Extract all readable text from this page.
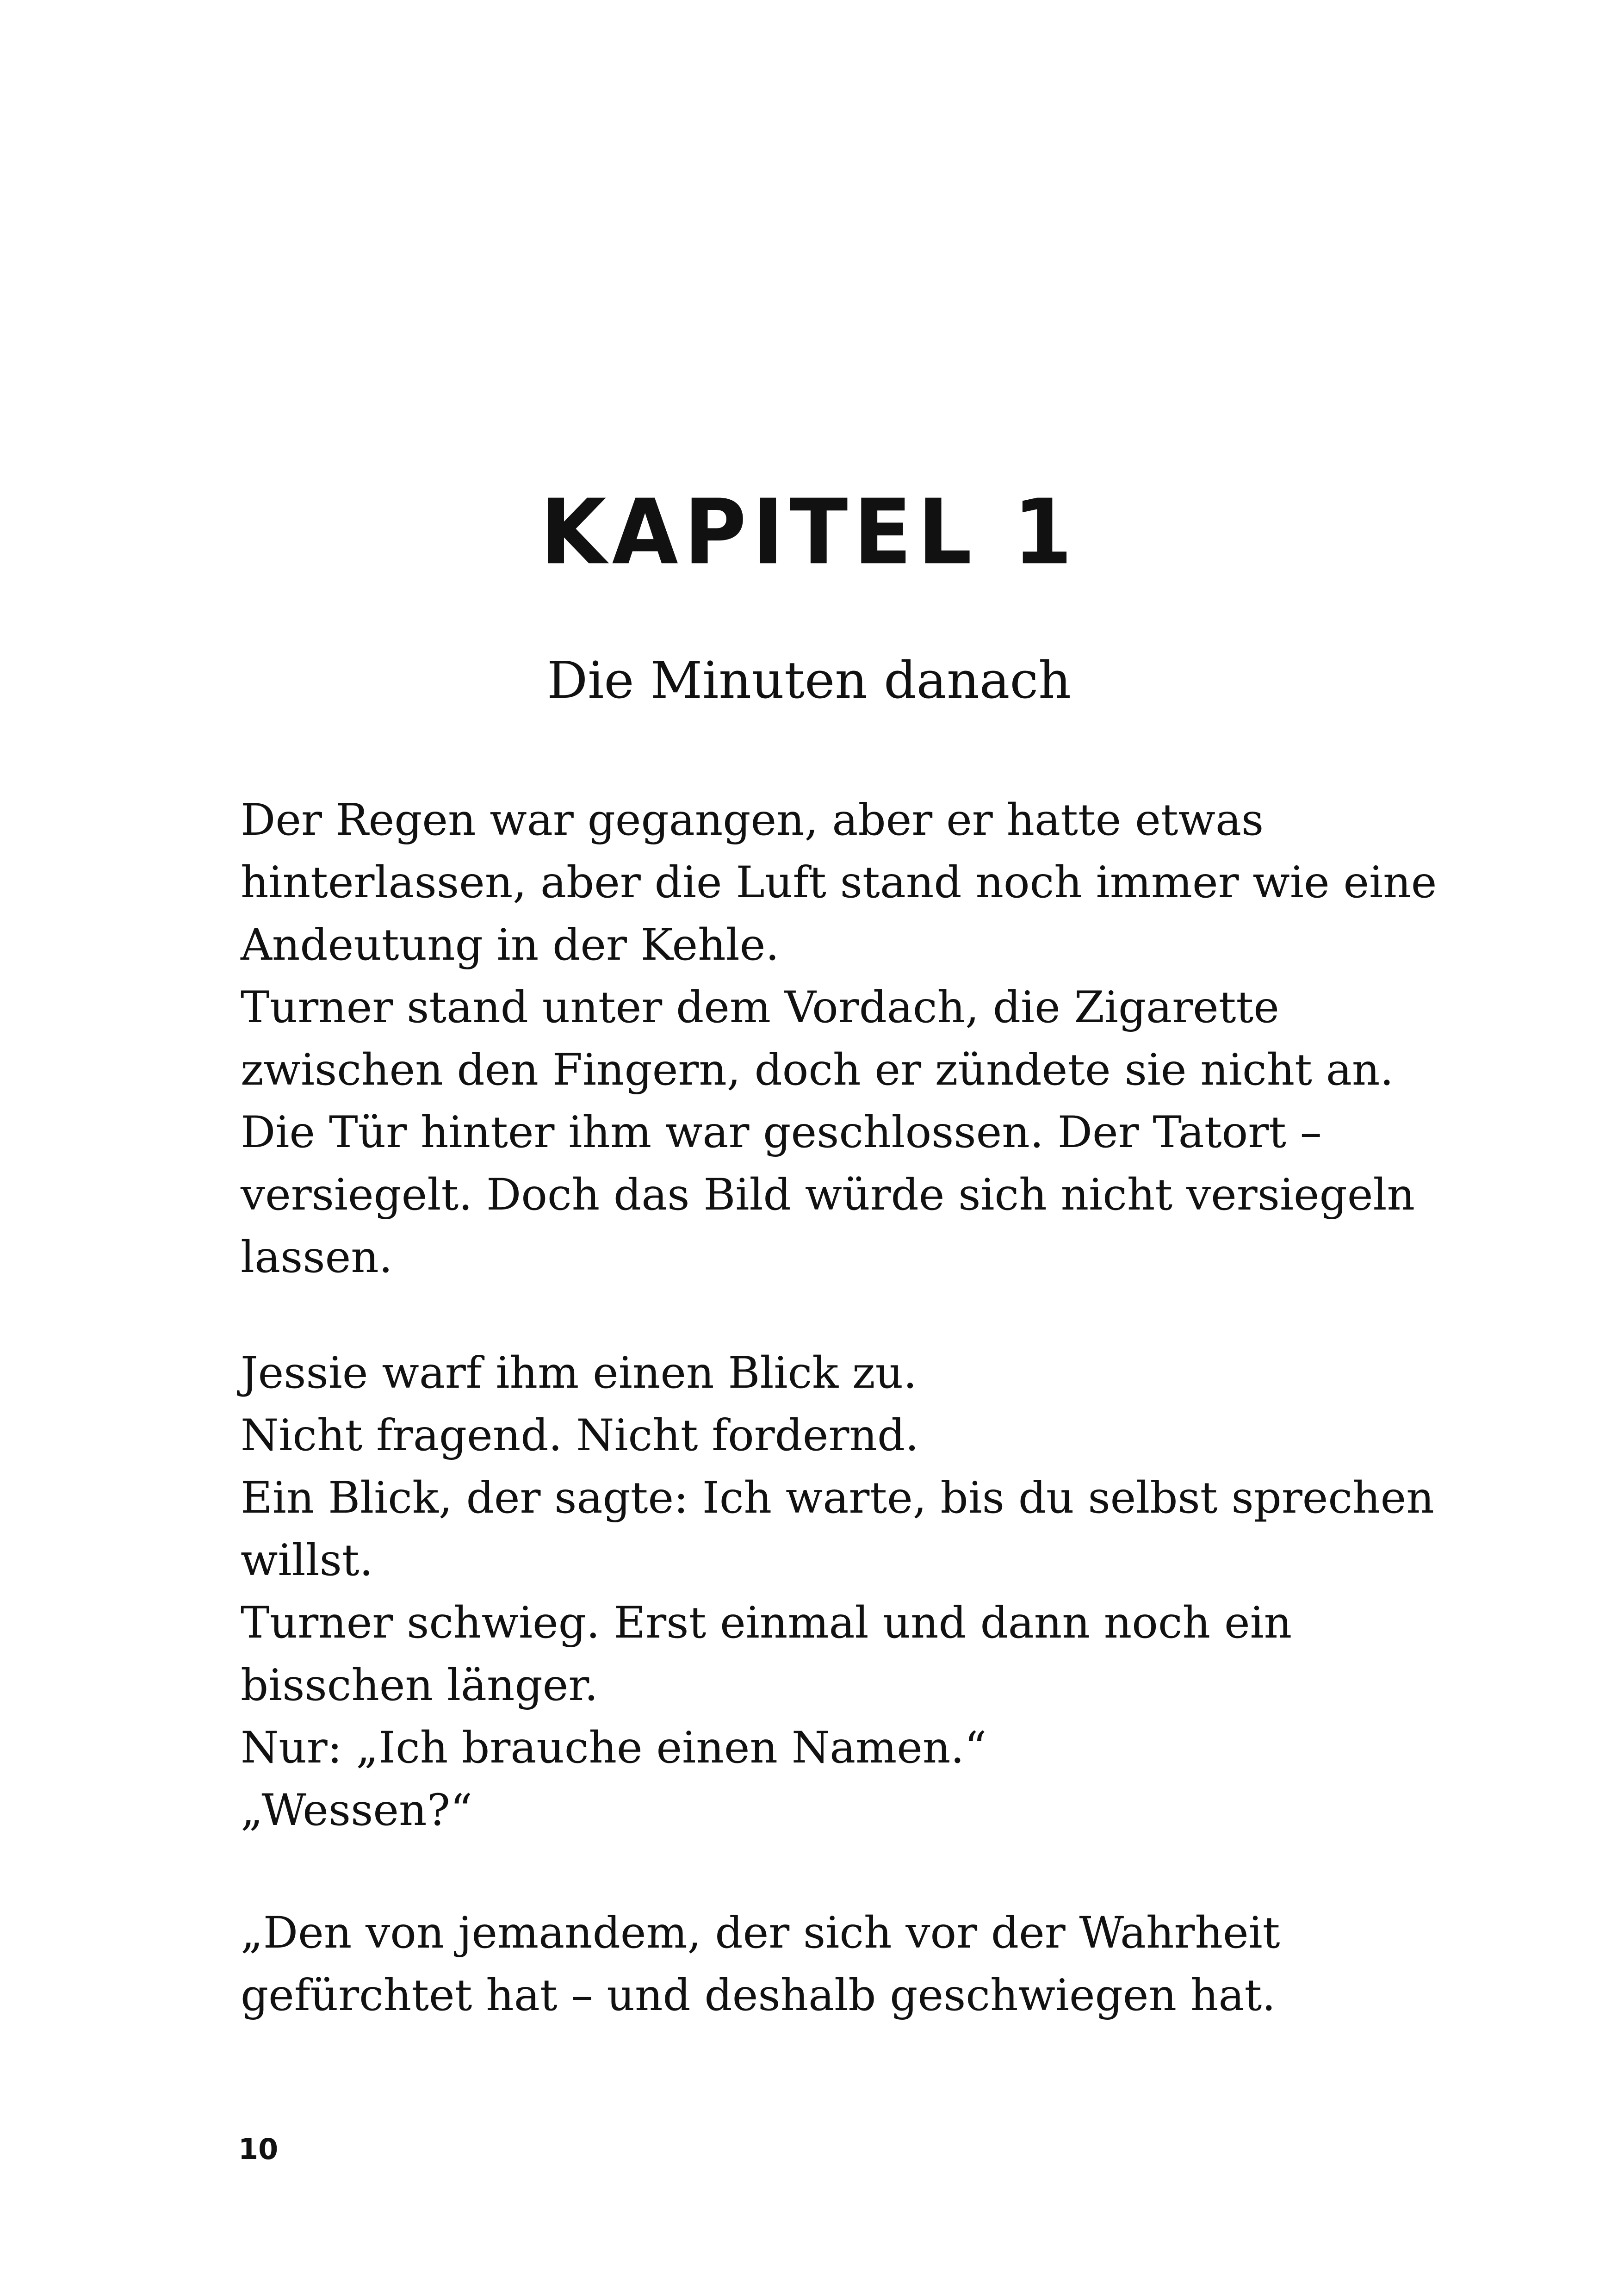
KAPITEL 1
Die Minuten danach
Der Regen war gegangen, aber er hatte etwas
hinterlassen, aber die Luft stand noch immer wie eine
Andeutung in der Kehle.
Turner stand unter dem Vordach, die Zigarette
zwischen den Fingern, doch er zündete sie nicht an.
Die Tür hinter ihm war geschlossen. Der Tatort –
versiegelt. Doch das Bild würde sich nicht versiegeln
lassen.
Jessie warf ihm einen Blick zu.
Nicht fragend. Nicht fordernd.
Ein Blick, der sagte: Ich warte, bis du selbst sprechen
willst.
Turner schwieg. Erst einmal und dann noch ein
bisschen länger.
Nur: „Ich brauche einen Namen.“
„Wessen?“
„Den von jemandem, der sich vor der Wahrheit
gefürchtet hat – und deshalb geschwiegen hat.
10
